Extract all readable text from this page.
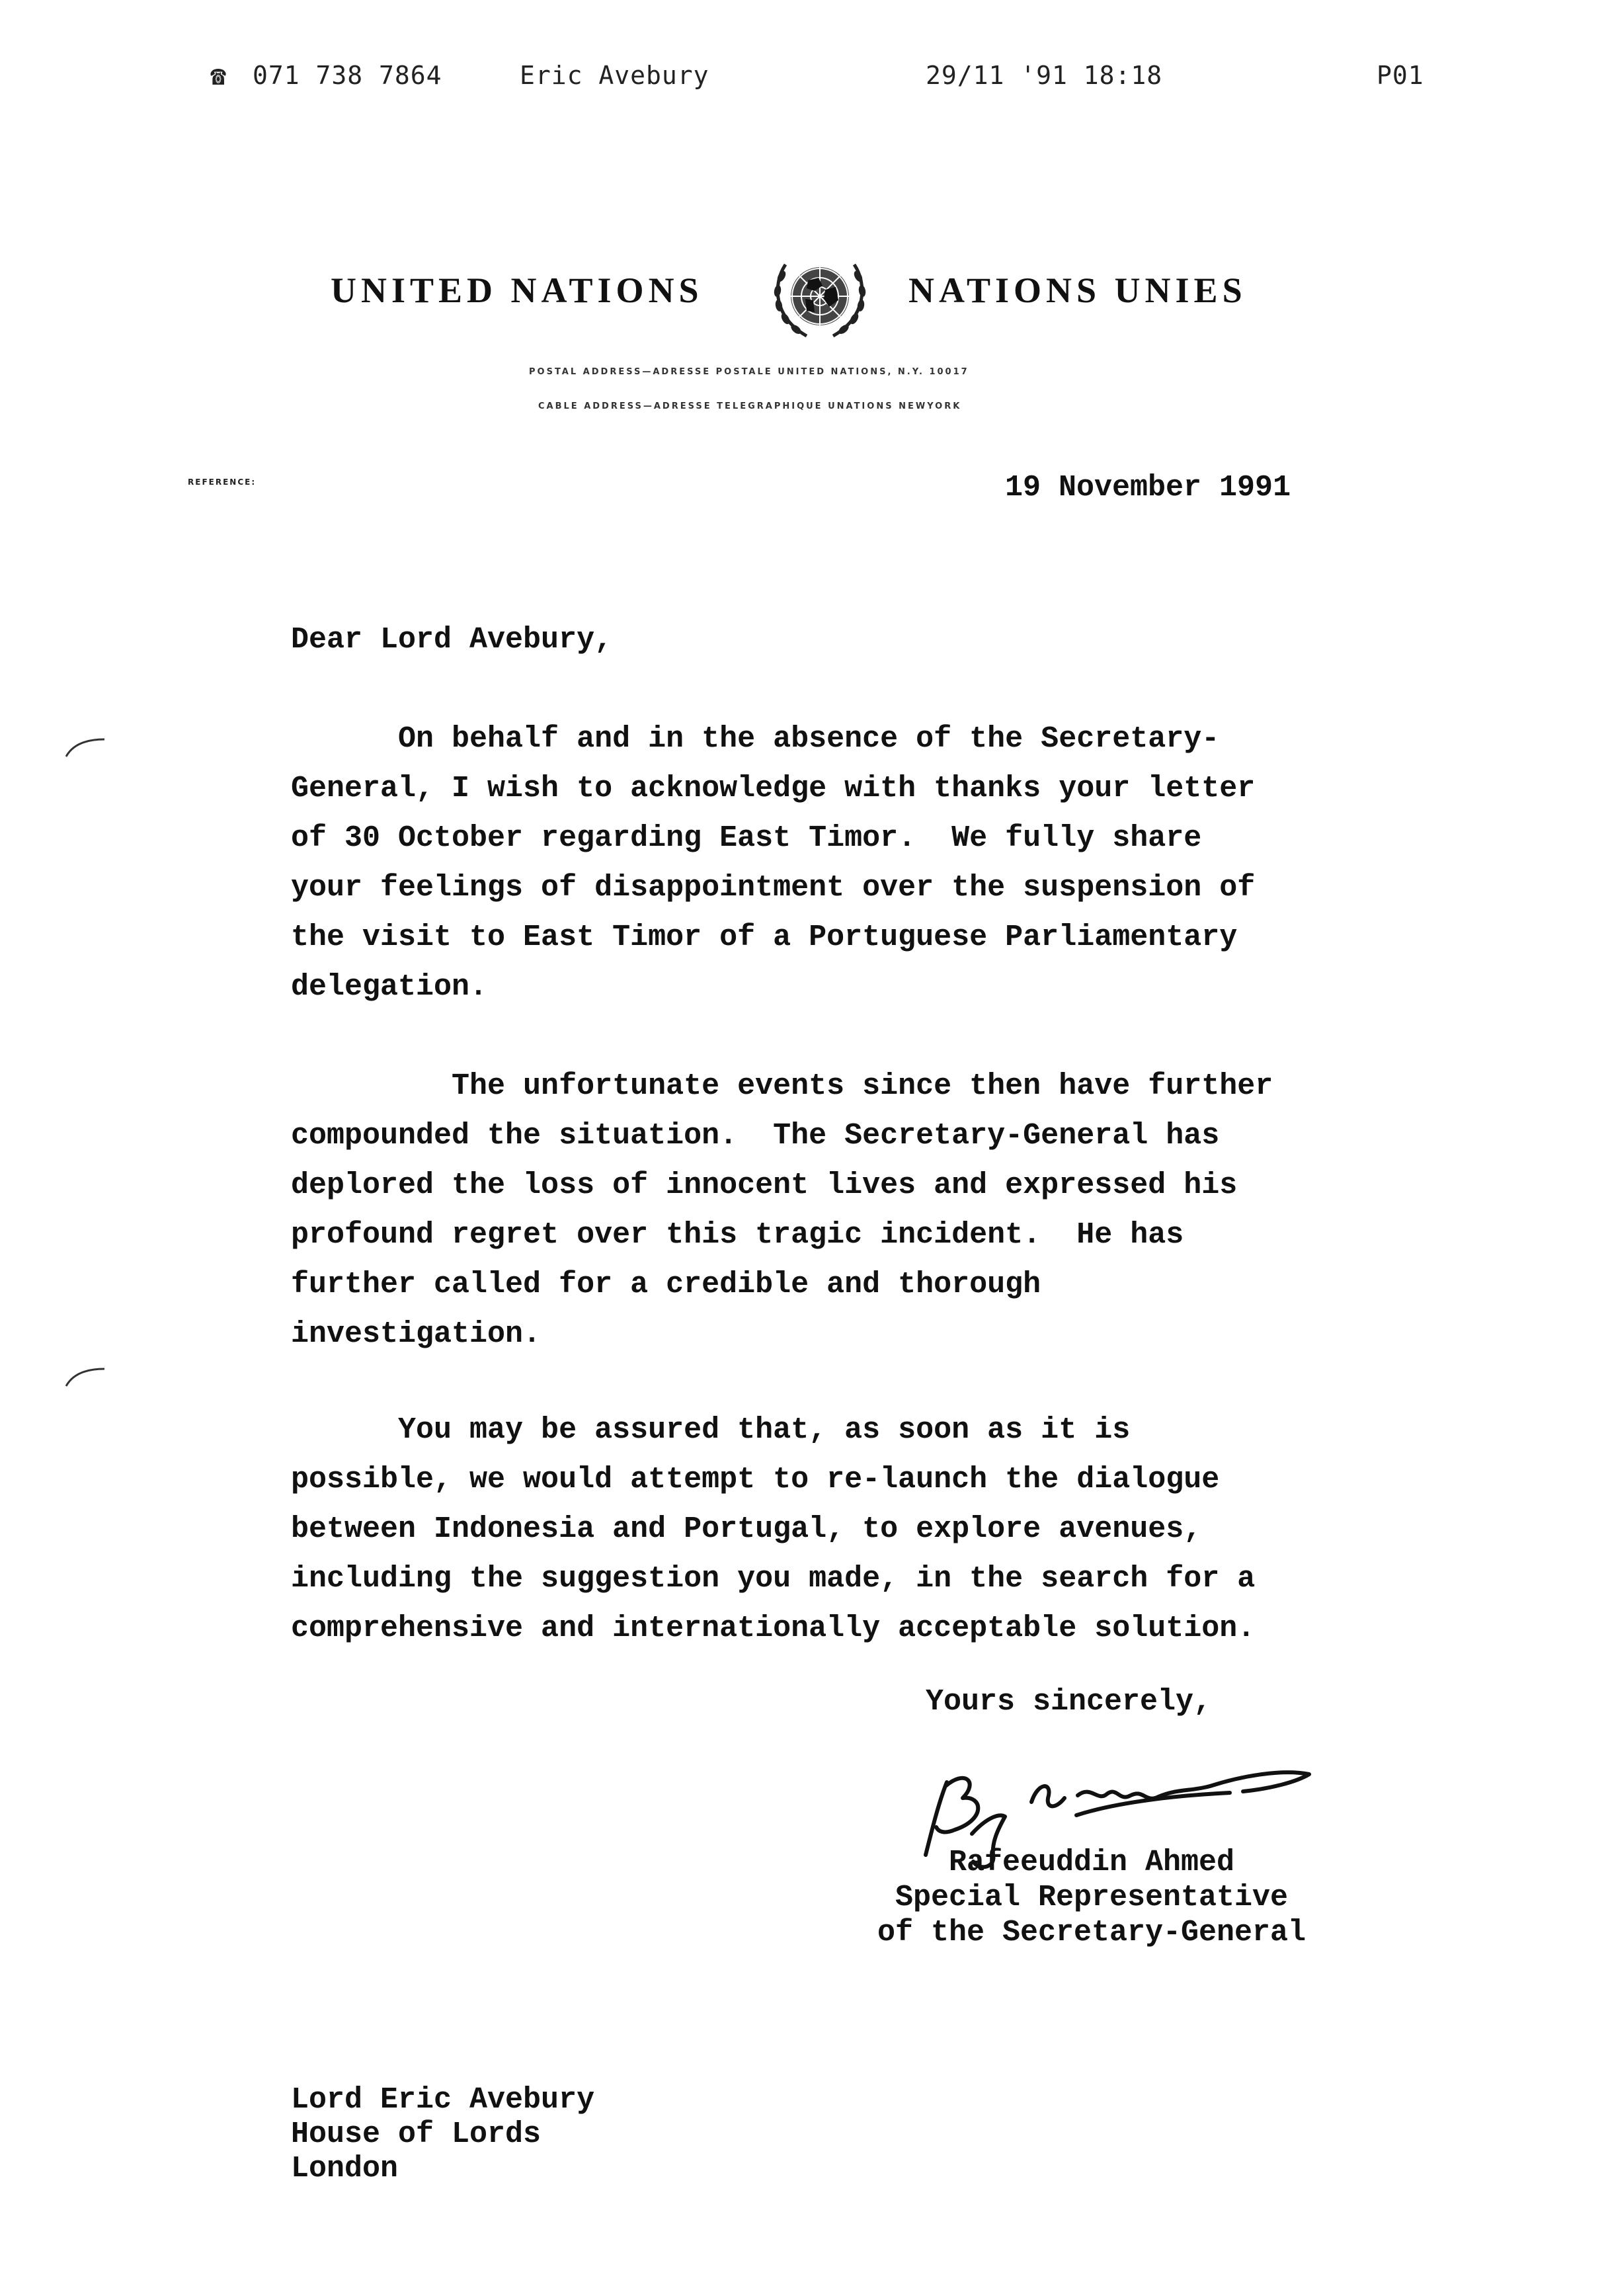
☎ 071 738 7864	Eric Avebury	29/11 '91 18:18	P01
UNITED NATIONS	NATIONS UNIES
POSTAL ADDRESS—ADRESSE POSTALE UNITED NATIONS, N.Y. 10017
CABLE ADDRESS—ADRESSE TELEGRAPHIQUE UNATIONS NEWYORK
REFERENCE:	19 November 1991
Dear Lord Avebury,
On behalf and in the absence of the Secretary-
General, I wish to acknowledge with thanks your letter
of 30 October regarding East Timor.  We fully share
your feelings of disappointment over the suspension of
the visit to East Timor of a Portuguese Parliamentary
delegation.
The unfortunate events since then have further
compounded the situation.  The Secretary-General has
deplored the loss of innocent lives and expressed his
profound regret over this tragic incident.  He has
further called for a credible and thorough
investigation.
You may be assured that, as soon as it is
possible, we would attempt to re-launch the dialogue
between Indonesia and Portugal, to explore avenues,
including the suggestion you made, in the search for a
comprehensive and internationally acceptable solution.
Yours sincerely,
Rafeeuddin Ahmed
Special Representative
of the Secretary-General
Lord Eric Avebury
House of Lords
London
